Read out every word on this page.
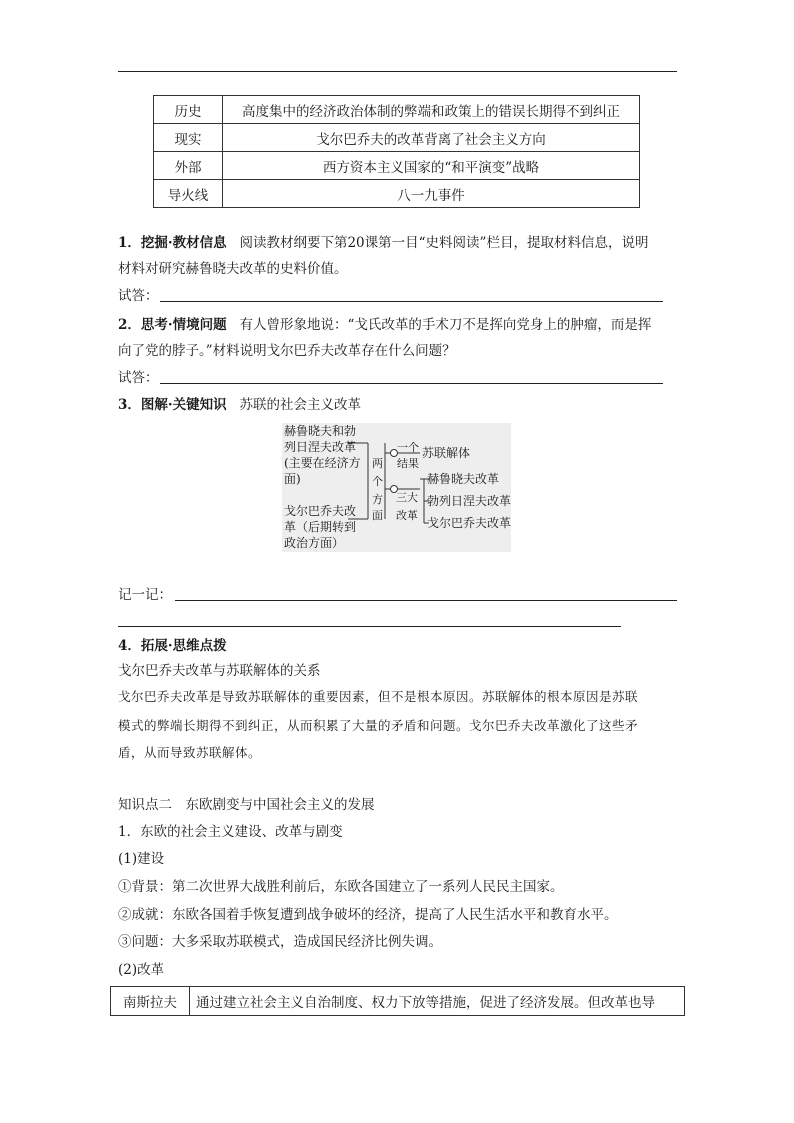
历史	高度集中的经济政治体制的弊端和政策上的错误长期得不到纠正
现实	戈尔巴乔夫的改革背离了社会主义方向
外部	西方资本主义国家的“和平演变”战略
导火线	八一九事件
1．挖掘·教材信息 阅读教材纲要下第20课第一目“史料阅读”栏目，提取材料信息，说明
材料对研究赫鲁晓夫改革的史料价值。
试答：
2．思考·情境问题 有人曾形象地说：“戈氏改革的手术刀不是挥向党身上的肿瘤，而是挥
向了党的脖子。”材料说明戈尔巴乔夫改革存在什么问题？
试答：
3．图解·关键知识 苏联的社会主义改革
赫鲁晓夫和勃
列日涅夫改革
(主要在经济方
面)
戈尔巴乔夫改
革（后期转到
政治方面）
两
个
方
面
一个
结果
苏联解体
三大
改革
赫鲁晓夫改革
勃列日涅夫改革
戈尔巴乔夫改革
记一记：
4．拓展·思维点拨
戈尔巴乔夫改革与苏联解体的关系
戈尔巴乔夫改革是导致苏联解体的重要因素，但不是根本原因。苏联解体的根本原因是苏联
模式的弊端长期得不到纠正，从而积累了大量的矛盾和问题。戈尔巴乔夫改革激化了这些矛
盾，从而导致苏联解体。
知识点二　东欧剧变与中国社会主义的发展
1．东欧的社会主义建设、改革与剧变
(1)建设
①背景：第二次世界大战胜利前后，东欧各国建立了一系列人民民主国家。
②成就：东欧各国着手恢复遭到战争破坏的经济，提高了人民生活水平和教育水平。
③问题：大多采取苏联模式，造成国民经济比例失调。
(2)改革
南斯拉夫	通过建立社会主义自治制度、权力下放等措施，促进了经济发展。但改革也导
